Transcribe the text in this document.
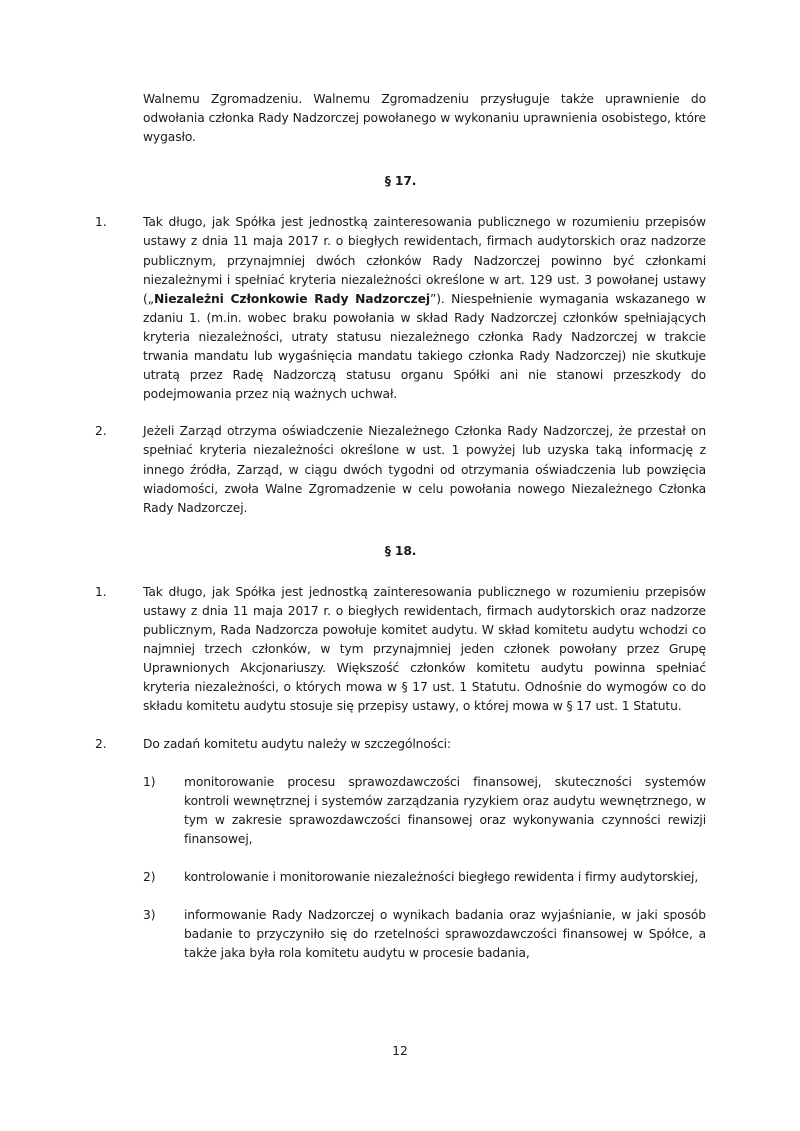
Walnemu Zgromadzeniu. Walnemu Zgromadzeniu przysługuje także uprawnienie do odwołania członka Rady Nadzorczej powołanego w wykonaniu uprawnienia osobistego, które wygasło.

§ 17.
1.	Tak długo, jak Spółka jest jednostką zainteresowania publicznego w rozumieniu przepisów ustawy z dnia 11 maja 2017 r. o biegłych rewidentach, firmach audytorskich oraz nadzorze publicznym, przynajmniej dwóch członków Rady Nadzorczej powinno być członkami niezależnymi i spełniać kryteria niezależności określone w art. 129 ust. 3 powołanej ustawy („Niezależni Członkowie Rady Nadzorczej”). Niespełnienie wymagania wskazanego w zdaniu 1. (m.in. wobec braku powołania w skład Rady Nadzorczej członków spełniających kryteria niezależności, utraty statusu niezależnego członka Rady Nadzorczej w trakcie trwania mandatu lub wygaśnięcia mandatu takiego członka Rady Nadzorczej) nie skutkuje utratą przez Radę Nadzorczą statusu organu Spółki ani nie stanowi przeszkody do podejmowania przez nią ważnych uchwał.
2.	Jeżeli Zarząd otrzyma oświadczenie Niezależnego Członka Rady Nadzorczej, że przestał on spełniać kryteria niezależności określone w ust. 1 powyżej lub uzyska taką informację z innego źródła, Zarząd, w ciągu dwóch tygodni od otrzymania oświadczenia lub powzięcia wiadomości, zwoła Walne Zgromadzenie w celu powołania nowego Niezależnego Członka Rady Nadzorczej.
§ 18.
1.	Tak długo, jak Spółka jest jednostką zainteresowania publicznego w rozumieniu przepisów ustawy z dnia 11 maja 2017 r. o biegłych rewidentach, firmach audytorskich oraz nadzorze publicznym, Rada Nadzorcza powołuje komitet audytu. W skład komitetu audytu wchodzi co najmniej trzech członków, w tym przynajmniej jeden członek powołany przez Grupę Uprawnionych Akcjonariuszy. Większość członków komitetu audytu powinna spełniać kryteria niezależności, o których mowa w § 17 ust. 1 Statutu. Odnośnie do wymogów co do składu komitetu audytu stosuje się przepisy ustawy, o której mowa w § 17 ust. 1 Statutu.
2.	Do zadań komitetu audytu należy w szczególności:
1)	monitorowanie procesu sprawozdawczości finansowej, skuteczności systemów kontroli wewnętrznej i systemów zarządzania ryzykiem oraz audytu wewnętrznego, w tym w zakresie sprawozdawczości finansowej oraz wykonywania czynności rewizji finansowej,
2)	kontrolowanie i monitorowanie niezależności biegłego rewidenta i firmy audytorskiej,
3)	informowanie Rady Nadzorczej o wynikach badania oraz wyjaśnianie, w jaki sposób badanie to przyczyniło się do rzetelności sprawozdawczości finansowej w Spółce, a także jaka była rola komitetu audytu w procesie badania,
12
